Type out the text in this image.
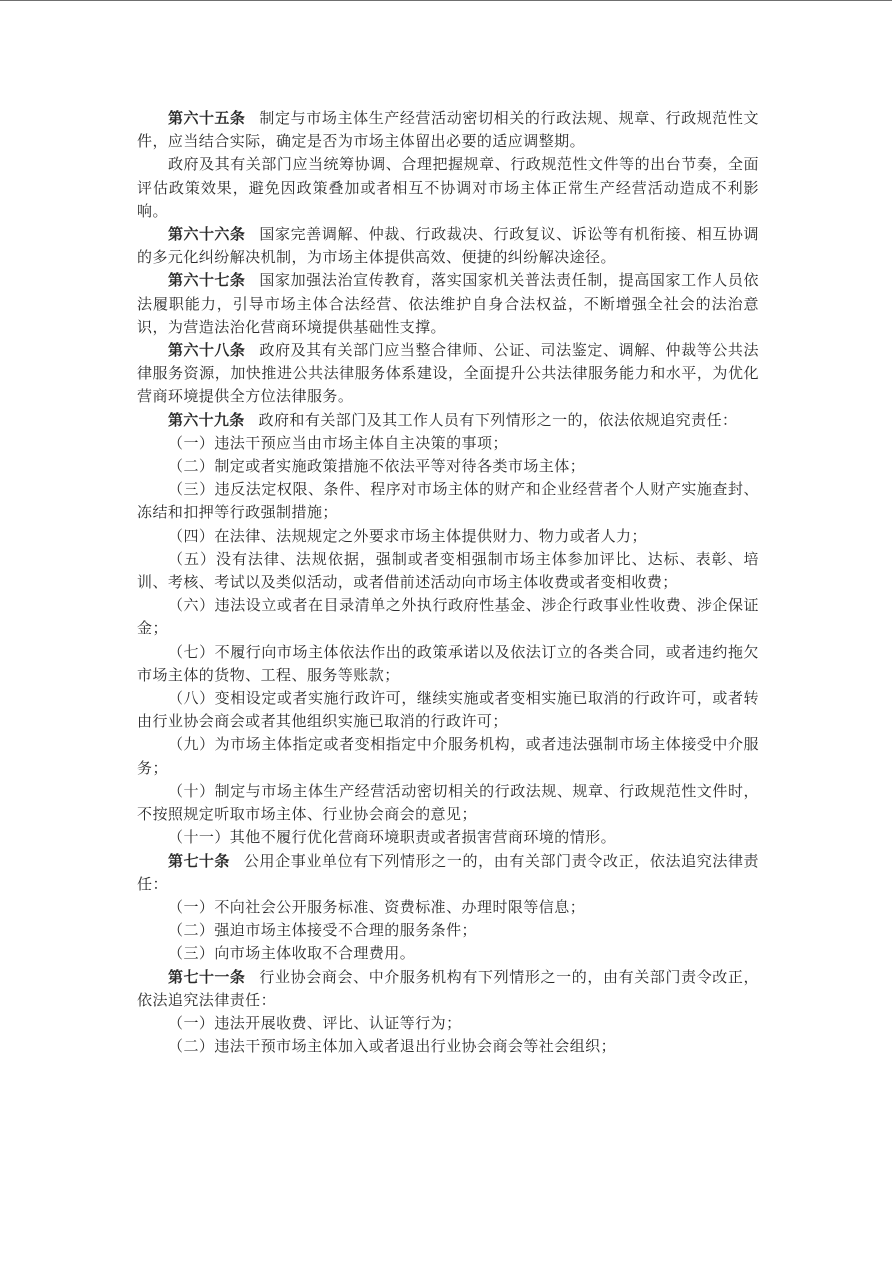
第六十五条 制定与市场主体生产经营活动密切相关的行政法规、规章、行政规范性文件，应当结合实际，确定是否为市场主体留出必要的适应调整期。

政府及其有关部门应当统筹协调、合理把握规章、行政规范性文件等的出台节奏，全面评估政策效果，避免因政策叠加或者相互不协调对市场主体正常生产经营活动造成不利影响。

第六十六条 国家完善调解、仲裁、行政裁决、行政复议、诉讼等有机衔接、相互协调的多元化纠纷解决机制，为市场主体提供高效、便捷的纠纷解决途径。

第六十七条 国家加强法治宣传教育，落实国家机关普法责任制，提高国家工作人员依法履职能力，引导市场主体合法经营、依法维护自身合法权益，不断增强全社会的法治意识，为营造法治化营商环境提供基础性支撑。

第六十八条 政府及其有关部门应当整合律师、公证、司法鉴定、调解、仲裁等公共法律服务资源，加快推进公共法律服务体系建设，全面提升公共法律服务能力和水平，为优化营商环境提供全方位法律服务。

第六十九条 政府和有关部门及其工作人员有下列情形之一的，依法依规追究责任：

（一）违法干预应当由市场主体自主决策的事项；

（二）制定或者实施政策措施不依法平等对待各类市场主体；

（三）违反法定权限、条件、程序对市场主体的财产和企业经营者个人财产实施查封、冻结和扣押等行政强制措施；

（四）在法律、法规规定之外要求市场主体提供财力、物力或者人力；

（五）没有法律、法规依据，强制或者变相强制市场主体参加评比、达标、表彰、培训、考核、考试以及类似活动，或者借前述活动向市场主体收费或者变相收费；

（六）违法设立或者在目录清单之外执行政府性基金、涉企行政事业性收费、涉企保证金；

（七）不履行向市场主体依法作出的政策承诺以及依法订立的各类合同，或者违约拖欠市场主体的货物、工程、服务等账款；

（八）变相设定或者实施行政许可，继续实施或者变相实施已取消的行政许可，或者转由行业协会商会或者其他组织实施已取消的行政许可；

（九）为市场主体指定或者变相指定中介服务机构，或者违法强制市场主体接受中介服务；

（十）制定与市场主体生产经营活动密切相关的行政法规、规章、行政规范性文件时，不按照规定听取市场主体、行业协会商会的意见；

（十一）其他不履行优化营商环境职责或者损害营商环境的情形。

第七十条 公用企事业单位有下列情形之一的，由有关部门责令改正，依法追究法律责任：

（一）不向社会公开服务标准、资费标准、办理时限等信息；

（二）强迫市场主体接受不合理的服务条件；

（三）向市场主体收取不合理费用。

第七十一条 行业协会商会、中介服务机构有下列情形之一的，由有关部门责令改正，依法追究法律责任：

（一）违法开展收费、评比、认证等行为；

（二）违法干预市场主体加入或者退出行业协会商会等社会组织；
